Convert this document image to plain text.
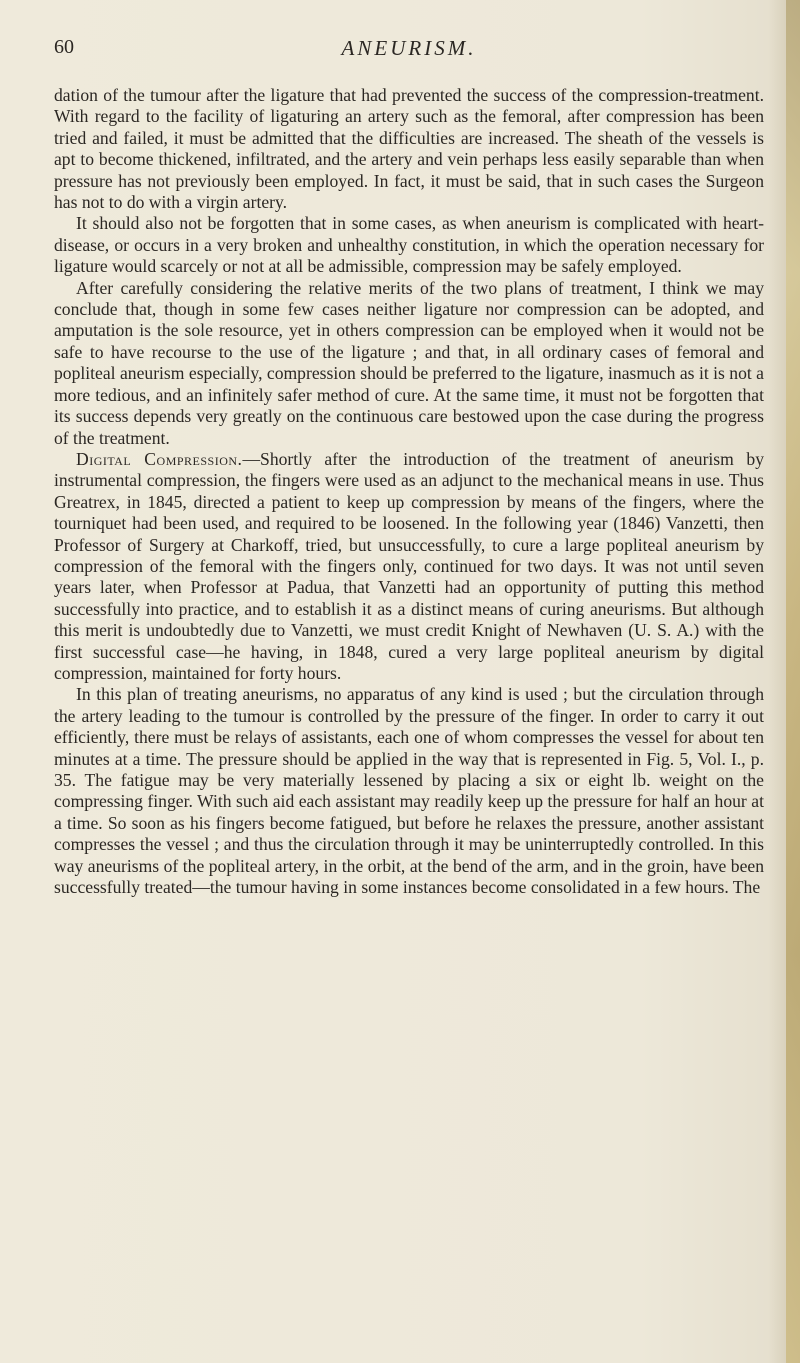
60	ANEURISM.

dation of the tumour after the ligature that had prevented the success of the compression-treatment. With regard to the facility of ligaturing an artery such as the femoral, after compression has been tried and failed, it must be admitted that the difficulties are increased. The sheath of the vessels is apt to become thickened, infiltrated, and the artery and vein perhaps less easily separable than when pressure has not previously been employed. In fact, it must be said, that in such cases the Surgeon has not to do with a virgin artery.

It should also not be forgotten that in some cases, as when aneurism is complicated with heart-disease, or occurs in a very broken and unhealthy constitution, in which the operation necessary for ligature would scarcely or not at all be admissible, compression may be safely employed.

After carefully considering the relative merits of the two plans of treatment, I think we may conclude that, though in some few cases neither ligature nor compression can be adopted, and amputation is the sole resource, yet in others compression can be employed when it would not be safe to have recourse to the use of the ligature ; and that, in all ordinary cases of femoral and popliteal aneurism especially, compression should be preferred to the ligature, inasmuch as it is not a more tedious, and an infinitely safer method of cure. At the same time, it must not be forgotten that its success depends very greatly on the continuous care bestowed upon the case during the progress of the treatment.

Digital Compression.—Shortly after the introduction of the treatment of aneurism by instrumental compression, the fingers were used as an adjunct to the mechanical means in use. Thus Greatrex, in 1845, directed a patient to keep up compression by means of the fingers, where the tourniquet had been used, and required to be loosened. In the following year (1846) Vanzetti, then Professor of Surgery at Charkoff, tried, but unsuccessfully, to cure a large popliteal aneurism by compression of the femoral with the fingers only, continued for two days. It was not until seven years later, when Professor at Padua, that Vanzetti had an opportunity of putting this method successfully into practice, and to establish it as a distinct means of curing aneurisms. But although this merit is undoubtedly due to Vanzetti, we must credit Knight of Newhaven (U. S. A.) with the first successful case—he having, in 1848, cured a very large popliteal aneurism by digital compression, maintained for forty hours.

In this plan of treating aneurisms, no apparatus of any kind is used ; but the circulation through the artery leading to the tumour is controlled by the pressure of the finger. In order to carry it out efficiently, there must be relays of assistants, each one of whom compresses the vessel for about ten minutes at a time. The pressure should be applied in the way that is represented in Fig. 5, Vol. I., p. 35. The fatigue may be very materially lessened by placing a six or eight lb. weight on the compressing finger. With such aid each assistant may readily keep up the pressure for half an hour at a time. So soon as his fingers become fatigued, but before he relaxes the pressure, another assistant compresses the vessel ; and thus the circulation through it may be uninterruptedly controlled. In this way aneurisms of the popliteal artery, in the orbit, at the bend of the arm, and in the groin, have been successfully treated—the tumour having in some instances become consolidated in a few hours. The
